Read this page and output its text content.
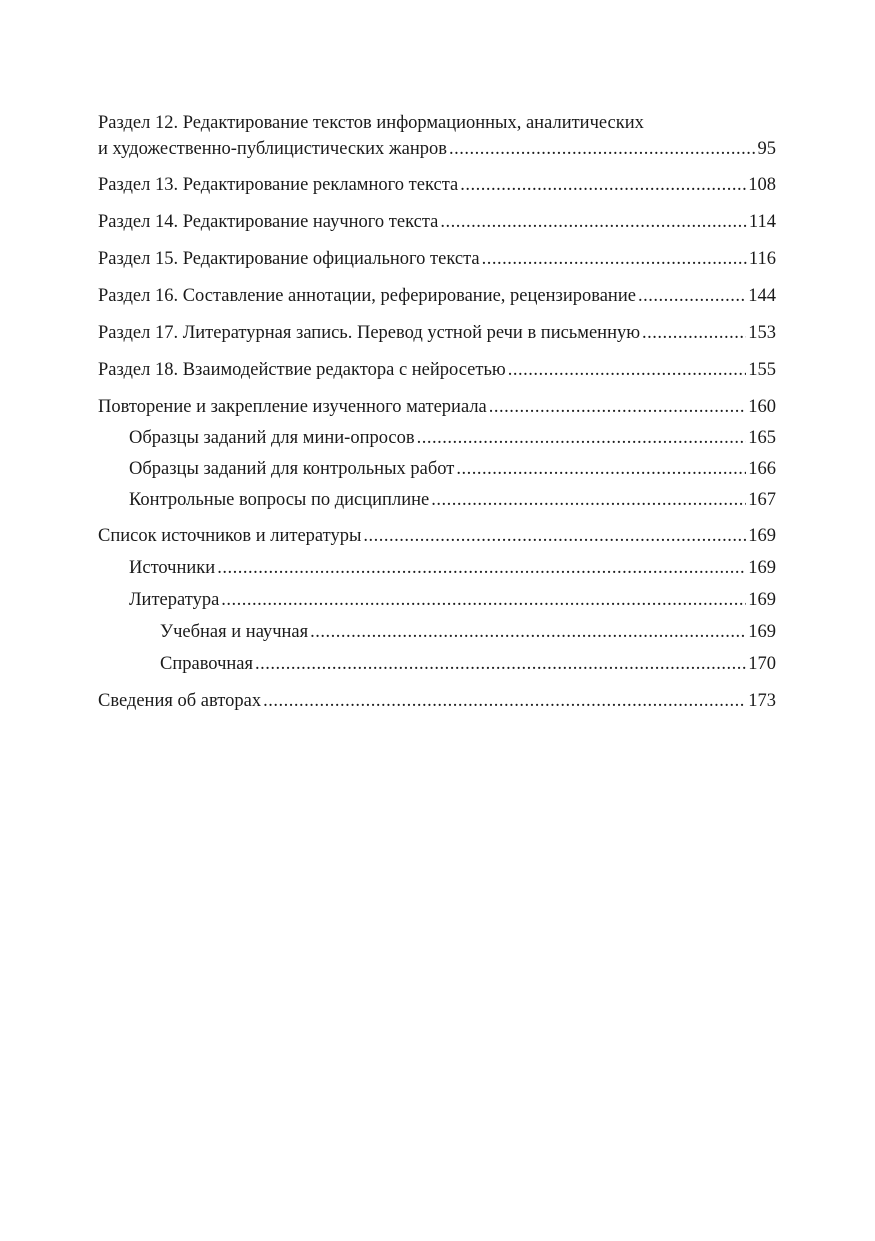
Раздел 12. Редактирование текстов информационных, аналитических
и художественно-публицистических жанров .....	95
Раздел 13. Редактирование рекламного текста .....	108
Раздел 14. Редактирование научного текста .....	114
Раздел 15. Редактирование официального текста .....	116
Раздел 16. Составление аннотации, реферирование, рецензирование .....	144
Раздел 17. Литературная запись. Перевод устной речи в письменную .....	153
Раздел 18. Взаимодействие редактора с нейросетью .....	155
Повторение и закрепление изученного материала .....	160
Образцы заданий для мини-опросов .....	165
Образцы заданий для контрольных работ .....	166
Контрольные вопросы по дисциплине .....	167
Список источников и литературы .....	169
Источники .....	169
Литература .....	169
Учебная и научная .....	169
Справочная .....	170
Сведения об авторах .....	173
